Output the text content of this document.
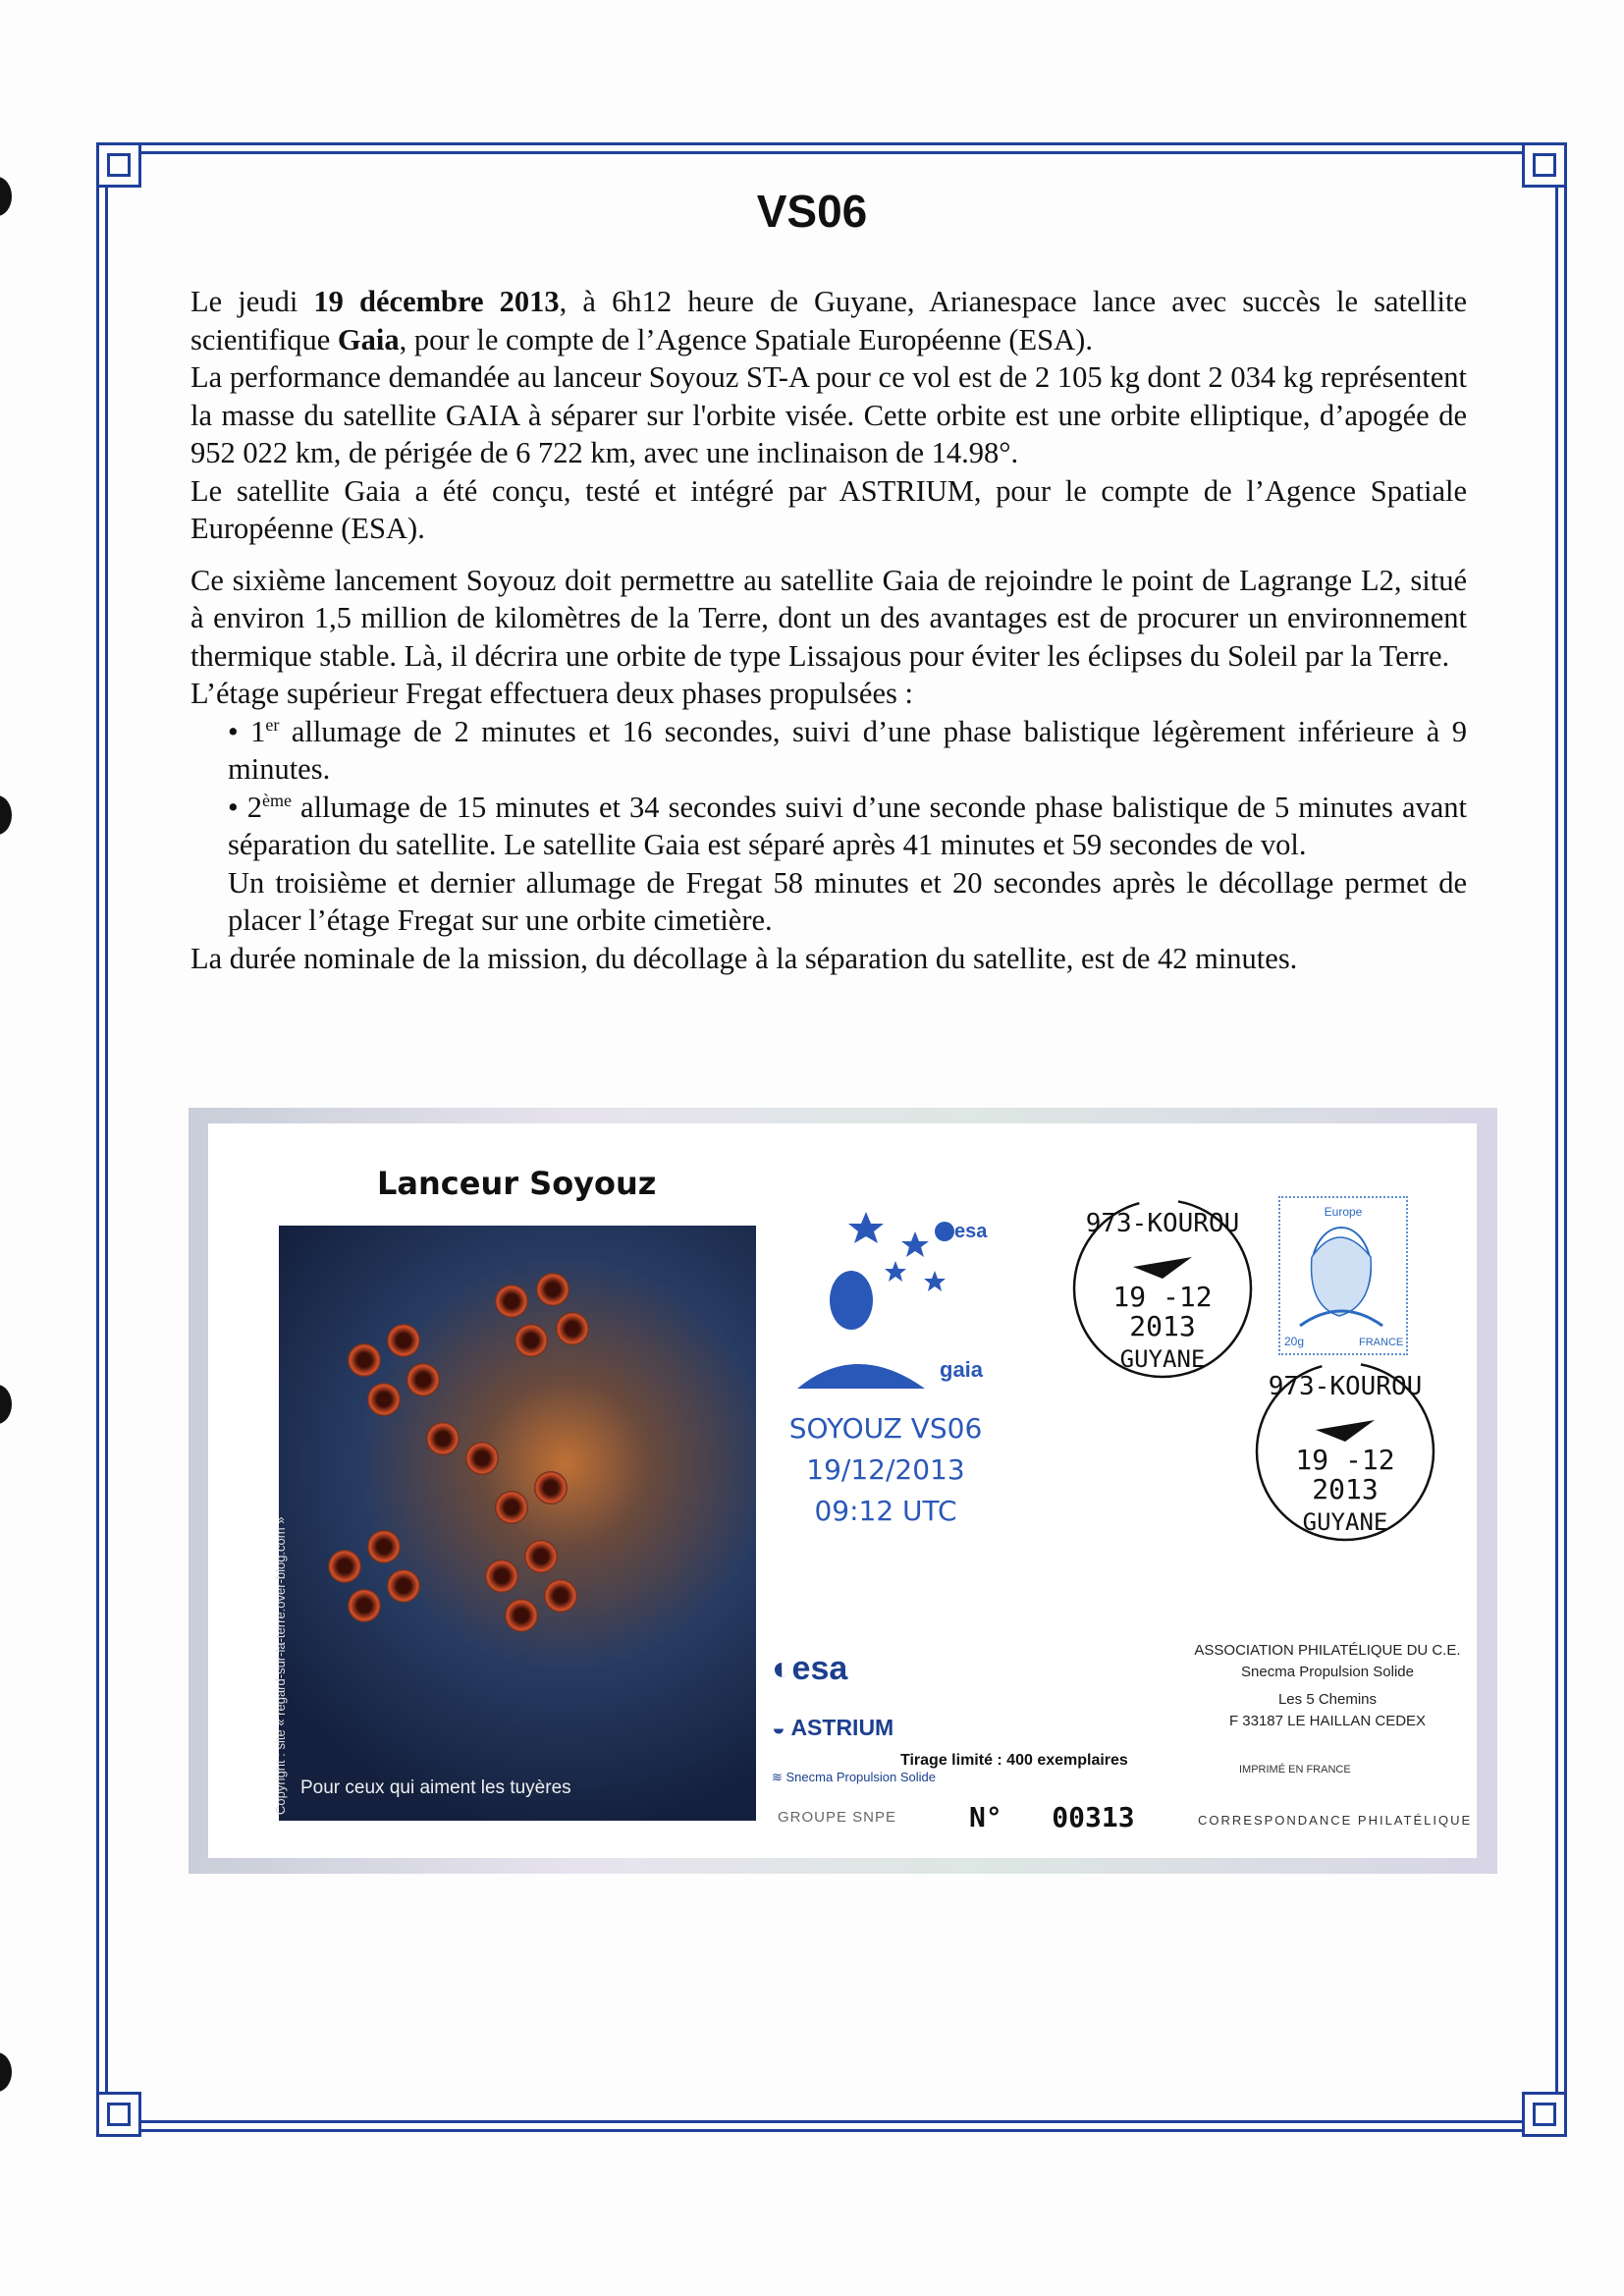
VS06

Le jeudi 19 décembre 2013, à 6h12 heure de Guyane, Arianespace lance avec succès le satellite scientifique Gaia, pour le compte de l’Agence Spatiale Européenne (ESA).

La performance demandée au lanceur Soyouz ST-A pour ce vol est de 2 105 kg dont 2 034 kg représentent la masse du satellite GAIA à séparer sur l'orbite visée. Cette orbite est une orbite elliptique, d’apogée de 952 022 km, de périgée de 6 722 km, avec une inclinaison de 14.98°.

Le satellite Gaia a été conçu, testé et intégré par ASTRIUM, pour le compte de l’Agence Spatiale Européenne (ESA).

Ce sixième lancement Soyouz doit permettre au satellite Gaia de rejoindre le point de Lagrange L2, situé à environ 1,5 million de kilomètres de la Terre, dont un des avantages est de procurer un environnement thermique stable. Là, il décrira une orbite de type Lissajous pour éviter les éclipses du Soleil par la Terre.

L’étage supérieur Fregat effectuera deux phases propulsées :

• 1er allumage de 2 minutes et 16 secondes, suivi d’une phase balistique légèrement inférieure à 9 minutes.

• 2ème allumage de 15 minutes et 34 secondes suivi d’une seconde phase balistique de 5 minutes avant séparation du satellite. Le satellite Gaia est séparé après 41 minutes et 59 secondes de vol.

Un troisième et dernier allumage de Fregat 58 minutes et 20 secondes après le décollage permet de placer l’étage Fregat sur une orbite cimetière.

La durée nominale de la mission, du décollage à la séparation du satellite, est de 42 minutes.

Lanceur Soyouz
Copyright : site « regard-sur-la-terre.over-blog.com » Pour ceux qui aiment les tuyères
esa
gaia
SOYOUZ VS06
19/12/2013
09:12 UTC
◐esa
◒ ASTRIUM
≋ Snecma Propulsion Solide
GROUPE SNPE
Tirage limité : 400 exemplaires
N° 00313
ASSOCIATION PHILATÉLIQUE DU C.E.
Snecma Propulsion Solide
Les 5 Chemins
F 33187 LE HAILLAN CEDEX
IMPRIMÉ EN FRANCE
CORRESPONDANCE PHILATÉLIQUE
Europe
20g	FRANCE
973-KOUROU
19 -12
2013
GUYANE
973-KOUROU
19 -12
2013
GUYANE
